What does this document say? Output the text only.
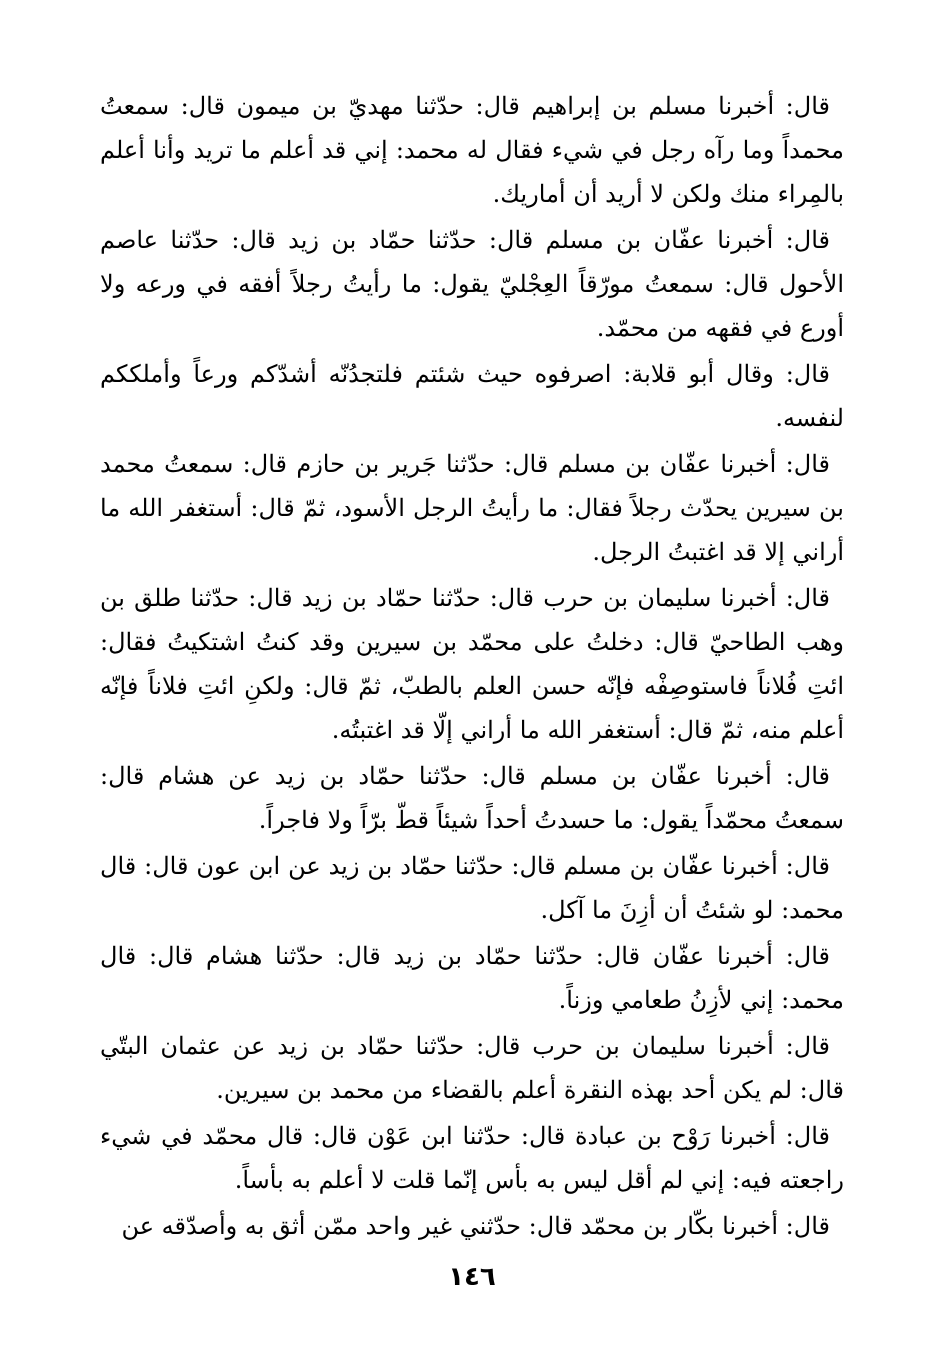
قال: أخبرنا مسلم بن إبراهيم قال: حدّثنا مهديّ بن ميمون قال: سمعتُ محمداً وما رآه رجل في شيء فقال له محمد: إني قد أعلم ما تريد وأنا أعلم بالمِراء منك ولكن لا أريد أن أماريك.

قال: أخبرنا عفّان بن مسلم قال: حدّثنا حمّاد بن زيد قال: حدّثنا عاصم الأحول قال: سمعتُ مورّقاً العِجْليّ يقول: ما رأيتُ رجلاً أفقه في ورعه ولا أورع في فقهه من محمّد.

قال: وقال أبو قلابة: اصرفوه حيث شئتم فلتجدُنّه أشدّكم ورعاً وأملككم لنفسه.

قال: أخبرنا عفّان بن مسلم قال: حدّثنا جَرير بن حازم قال: سمعتُ محمد بن سيرين يحدّث رجلاً فقال: ما رأيتُ الرجل الأسود، ثمّ قال: أستغفر الله ما أراني إلا قد اغتبتُ الرجل.

قال: أخبرنا سليمان بن حرب قال: حدّثنا حمّاد بن زيد قال: حدّثنا طلق بن وهب الطاحيّ قال: دخلتُ على محمّد بن سيرين وقد كنتُ اشتكيتُ فقال: ائتِ فُلاناً فاستوصِفْه فإنّه حسن العلم بالطبّ، ثمّ قال: ولكنِ ائتِ فلاناً فإنّه أعلم منه، ثمّ قال: أستغفر الله ما أراني إلّا قد اغتبتُه.

قال: أخبرنا عفّان بن مسلم قال: حدّثنا حمّاد بن زيد عن هشام قال: سمعتُ محمّداً يقول: ما حسدتُ أحداً شيئاً قطّ برّاً ولا فاجراً.

قال: أخبرنا عفّان بن مسلم قال: حدّثنا حمّاد بن زيد عن ابن عون قال: قال محمد: لو شئتُ أن أزِنَ ما آكل.

قال: أخبرنا عفّان قال: حدّثنا حمّاد بن زيد قال: حدّثنا هشام قال: قال محمد: إني لأزِنُ طعامي وزناً.

قال: أخبرنا سليمان بن حرب قال: حدّثنا حمّاد بن زيد عن عثمان البتّي قال: لم يكن أحد بهذه النقرة أعلم بالقضاء من محمد بن سيرين.

قال: أخبرنا رَوْح بن عبادة قال: حدّثنا ابن عَوْن قال: قال محمّد في شيء راجعته فيه: إني لم أقل ليس به بأس إنّما قلت لا أعلم به بأساً.

قال: أخبرنا بكّار بن محمّد قال: حدّثني غير واحد ممّن أثق به وأصدّقه عن

١٤٦
